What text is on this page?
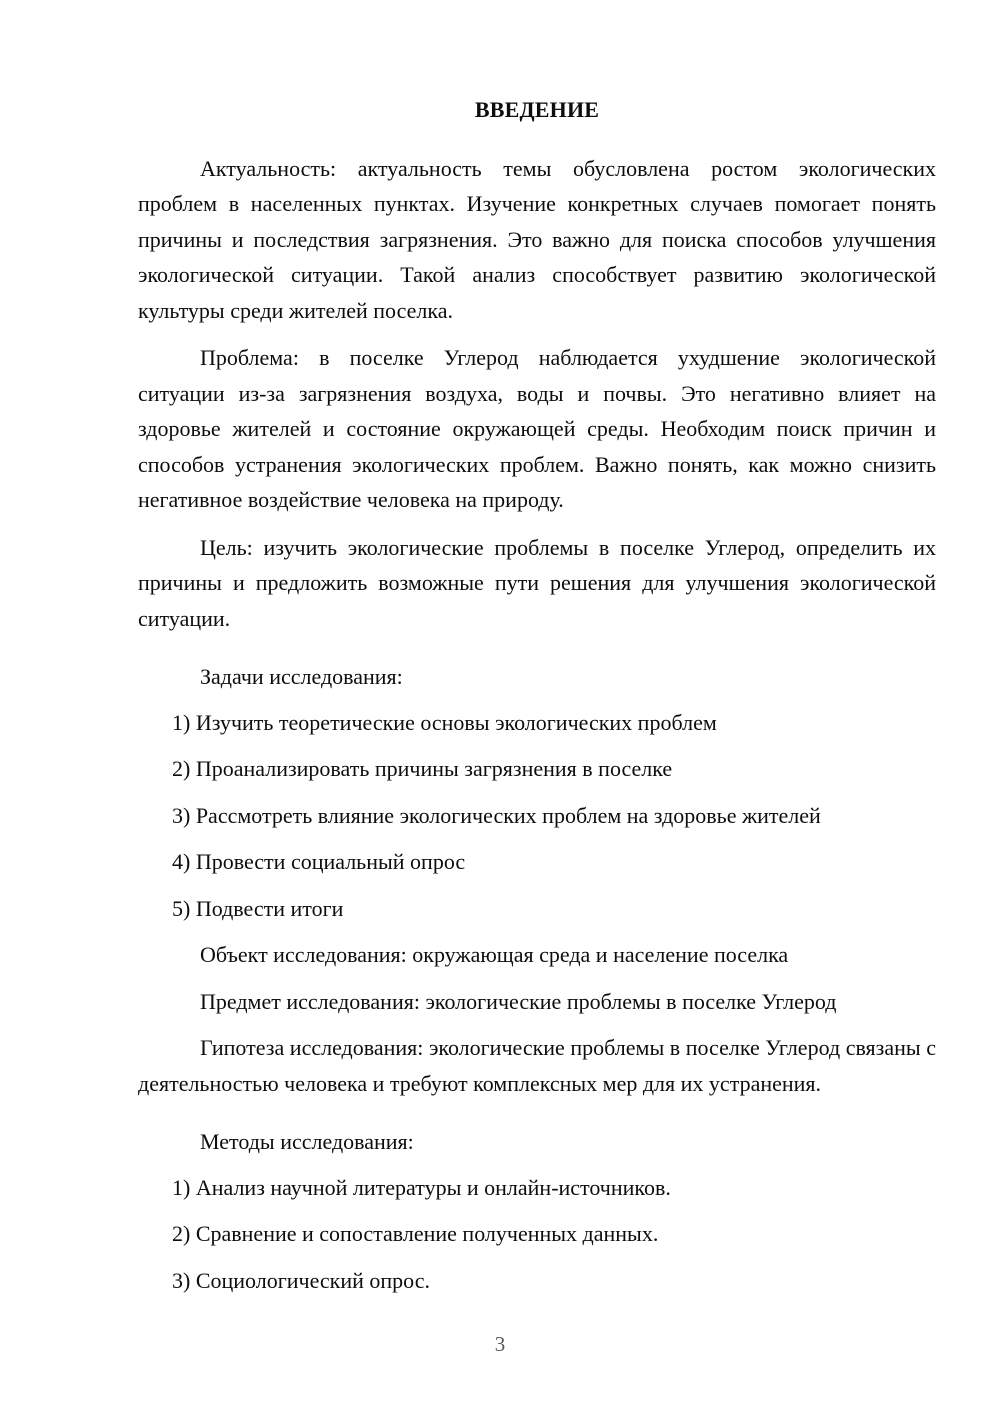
ВВЕДЕНИЕ

Актуальность: актуальность темы обусловлена ростом экологических проблем в населенных пунктах. Изучение конкретных случаев помогает понять причины и последствия загрязнения. Это важно для поиска способов улучшения экологической ситуации. Такой анализ способствует развитию экологической культуры среди жителей поселка.

Проблема: в поселке Углерод наблюдается ухудшение экологической ситуации из-за загрязнения воздуха, воды и почвы. Это негативно влияет на здоровье жителей и состояние окружающей среды. Необходим поиск причин и способов устранения экологических проблем. Важно понять, как можно снизить негативное воздействие человека на природу.

Цель: изучить экологические проблемы в поселке Углерод, определить их причины и предложить возможные пути решения для улучшения экологической ситуации.

Задачи исследования:

1) Изучить теоретические основы экологических проблем
2) Проанализировать причины загрязнения в поселке
3) Рассмотреть влияние экологических проблем на здоровье жителей
4) Провести социальный опрос
5) Подвести итоги

Объект исследования: окружающая среда и население поселка

Предмет исследования: экологические проблемы в поселке Углерод

Гипотеза исследования: экологические проблемы в поселке Углерод связаны с деятельностью человека и требуют комплексных мер для их устранения.

Методы исследования:

1) Анализ научной литературы и онлайн-источников.
2) Сравнение и сопоставление полученных данных.
3) Социологический опрос.
3
